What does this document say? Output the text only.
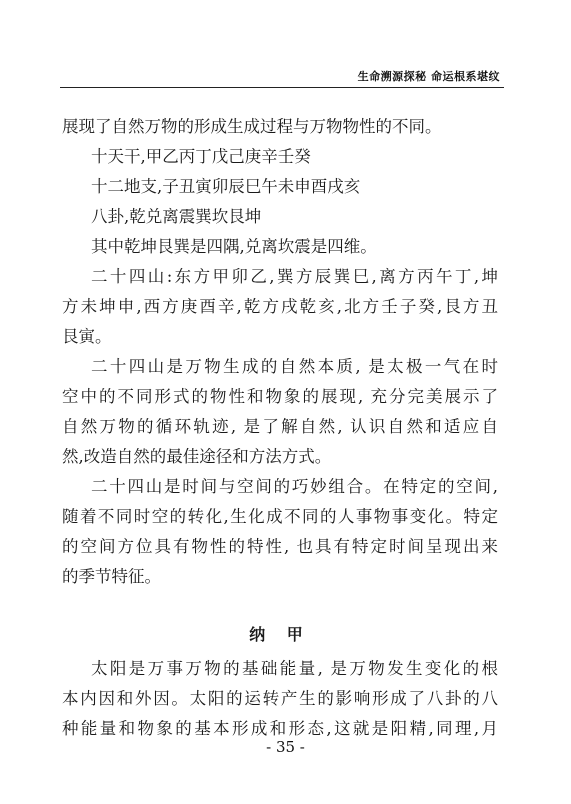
生命溯源探秘 命运根系堪纹
展现了自然万物的形成生成过程与万物物性的不同。
十天干,甲乙丙丁戊己庚辛壬癸
十二地支,子丑寅卯辰巳午未申酉戌亥
八卦,乾兑离震巽坎艮坤
其中乾坤艮巽是四隅,兑离坎震是四维。
二十四山:东方甲卯乙,巽方辰巽巳,离方丙午丁,坤
方未坤申,西方庚酉辛,乾方戌乾亥,北方壬子癸,艮方丑
艮寅。
二十四山是万物生成的自然本质, 是太极一气在时
空中的不同形式的物性和物象的展现, 充分完美展示了
自然万物的循环轨迹, 是了解自然, 认识自然和适应自
然,改造自然的最佳途径和方法方式。
二十四山是时间与空间的巧妙组合。在特定的空间,
随着不同时空的转化,生化成不同的人事物事变化。特定
的空间方位具有物性的特性, 也具有特定时间呈现出来
的季节特征。
纳 甲
太阳是万事万物的基础能量, 是万物发生变化的根
本内因和外因。太阳的运转产生的影响形成了八卦的八
种能量和物象的基本形成和形态,这就是阳精,同理,月
- 35 -
